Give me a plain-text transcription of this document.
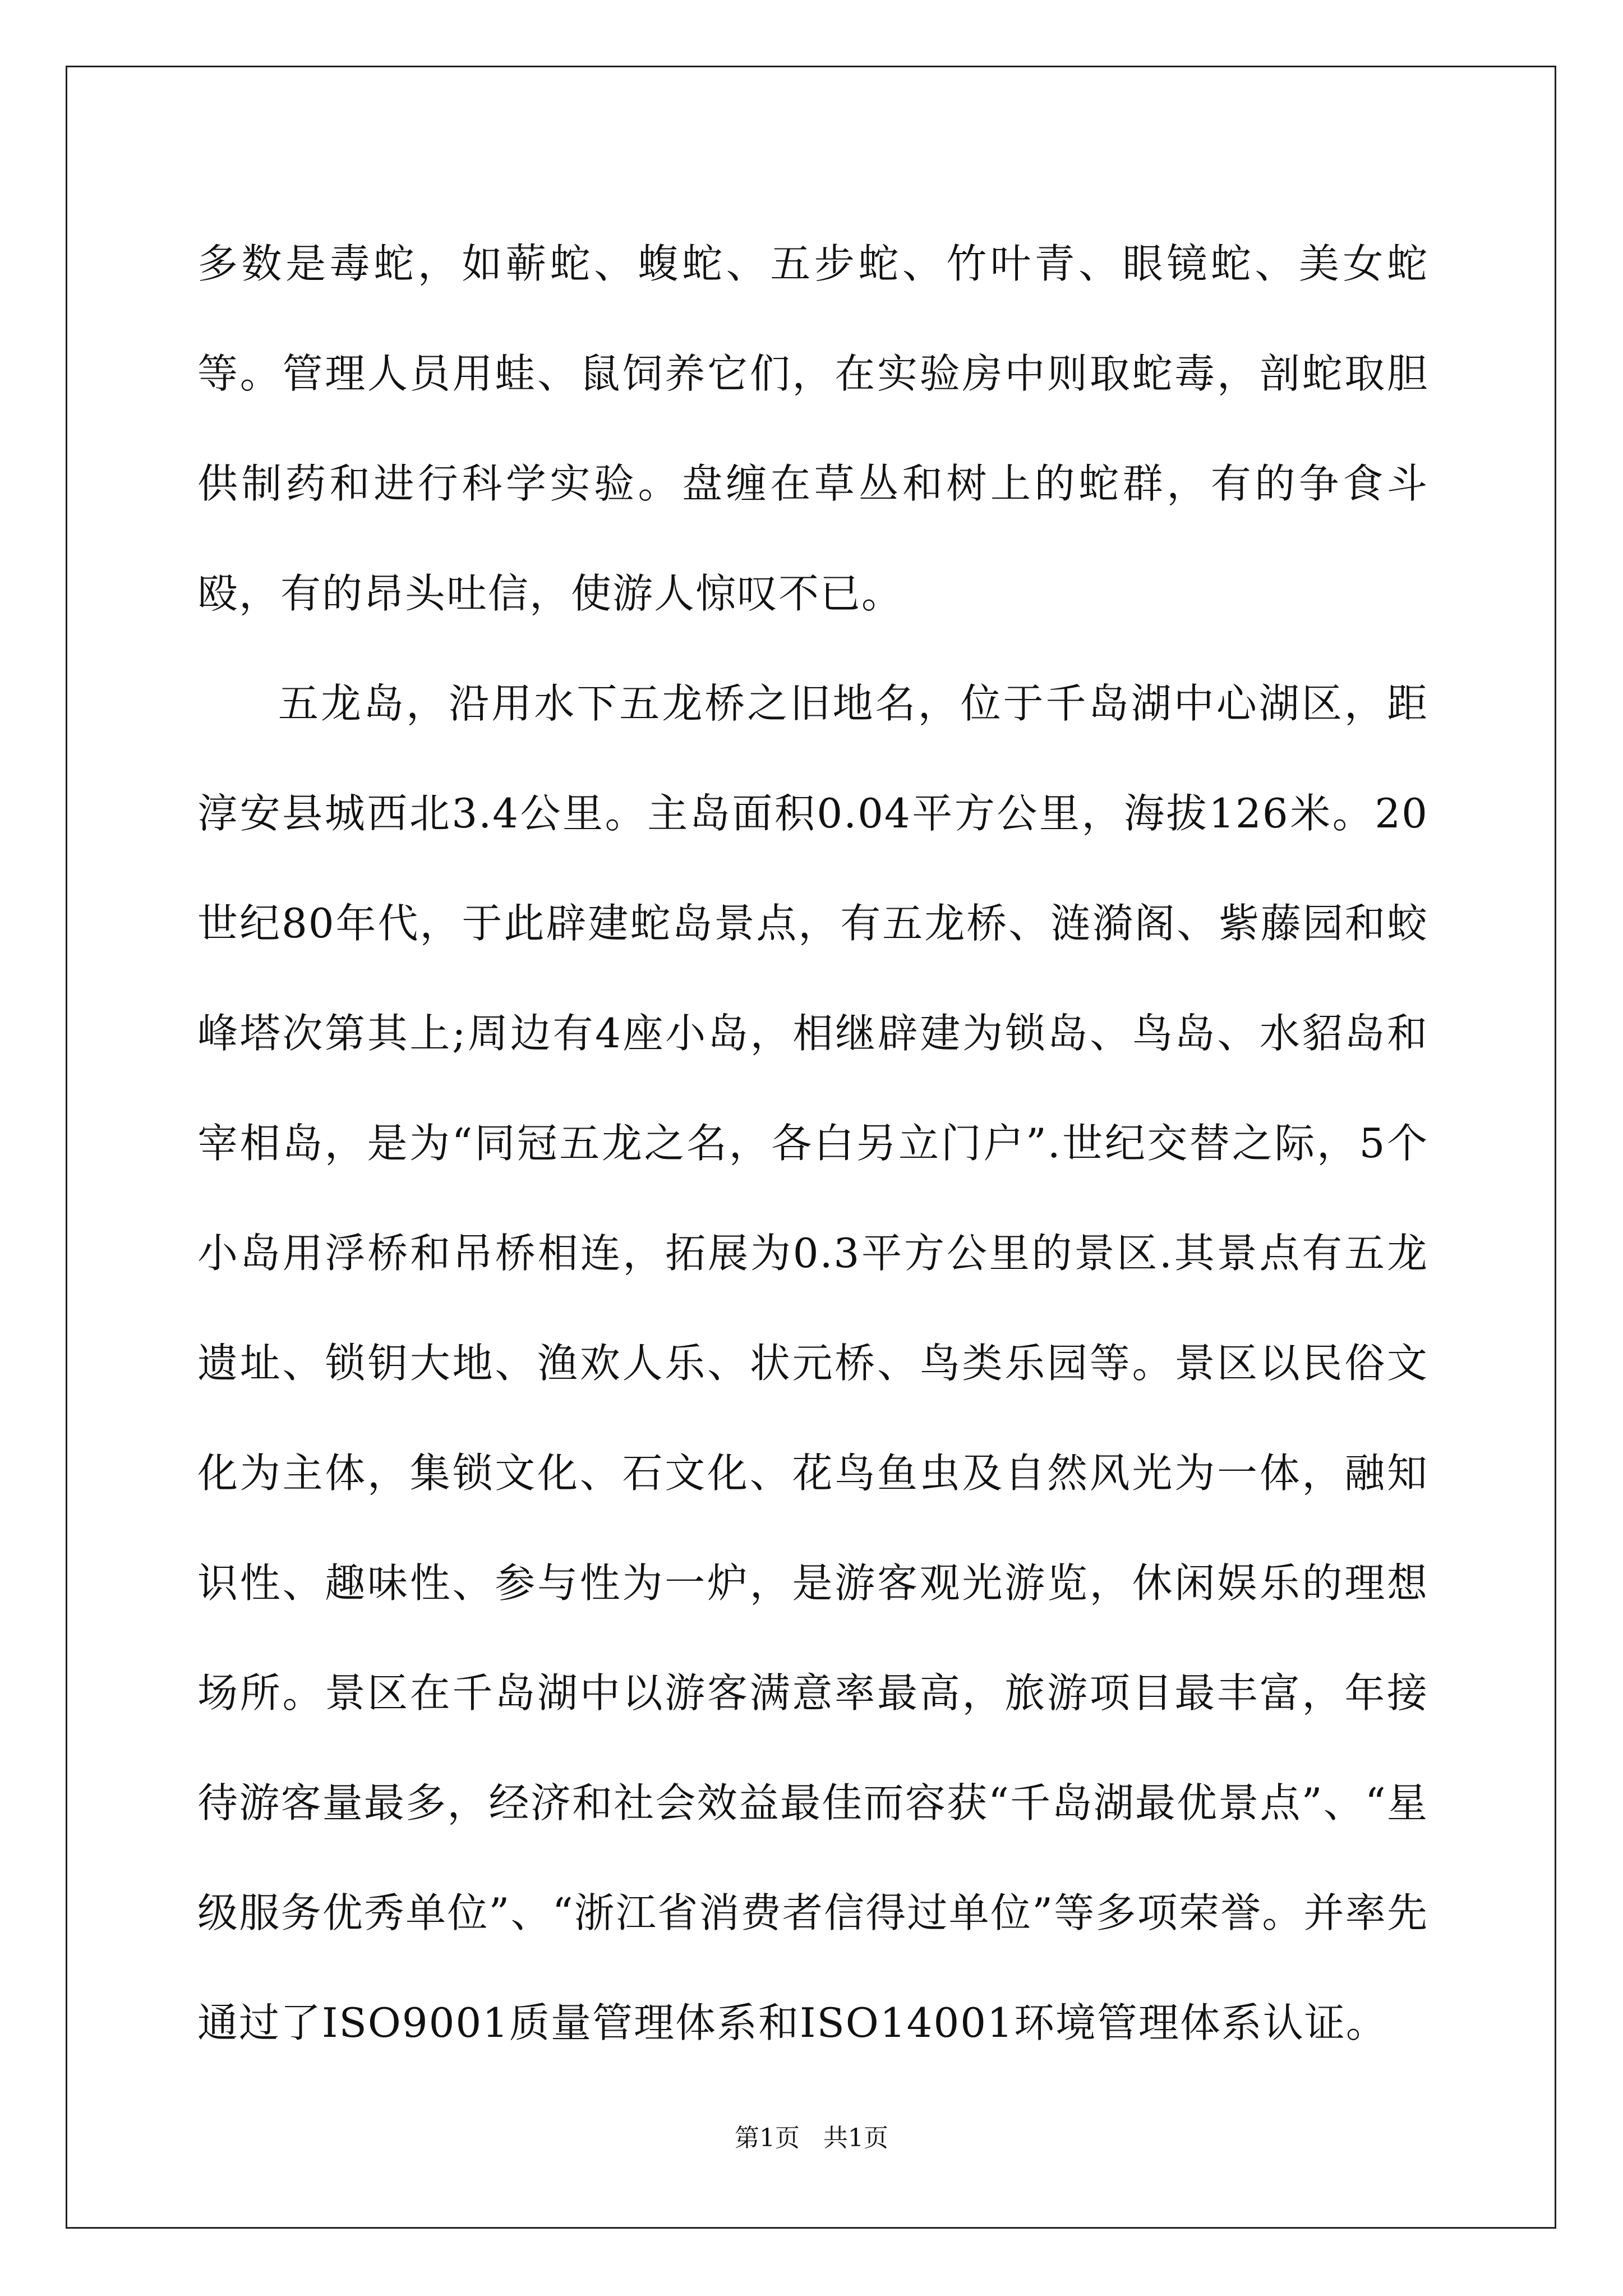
多数是毒蛇，如蕲蛇、蝮蛇、五步蛇、竹叶青、眼镜蛇、美女蛇等。管理人员用蛙、鼠饲养它们，在实验房中则取蛇毒，剖蛇取胆供制药和进行科学实验。盘缠在草丛和树上的蛇群，有的争食斗殴，有的昂头吐信，使游人惊叹不已。

五龙岛，沿用水下五龙桥之旧地名，位于千岛湖中心湖区，距淳安县城西北3.4公里。主岛面积0.04平方公里，海拔126米。20世纪80年代，于此辟建蛇岛景点，有五龙桥、涟漪阁、紫藤园和蛟峰塔次第其上;周边有4座小岛，相继辟建为锁岛、鸟岛、水貂岛和宰相岛，是为“同冠五龙之名，各白另立门户”.世纪交替之际，5个小岛用浮桥和吊桥相连，拓展为0.3平方公里的景区.其景点有五龙遗址、锁钥大地、渔欢人乐、状元桥、鸟类乐园等。景区以民俗文化为主体，集锁文化、石文化、花鸟鱼虫及自然风光为一体，融知识性、趣味性、参与性为一炉，是游客观光游览，休闲娱乐的理想场所。景区在千岛湖中以游客满意率最高，旅游项目最丰富，年接待游客量最多，经济和社会效益最佳而容获“千岛湖最优景点”、“星级服务优秀单位”、“浙江省消费者信得过单位”等多项荣誉。并率先通过了ISO9001质量管理体系和ISO14001环境管理体系认证。

第1页   共1页
